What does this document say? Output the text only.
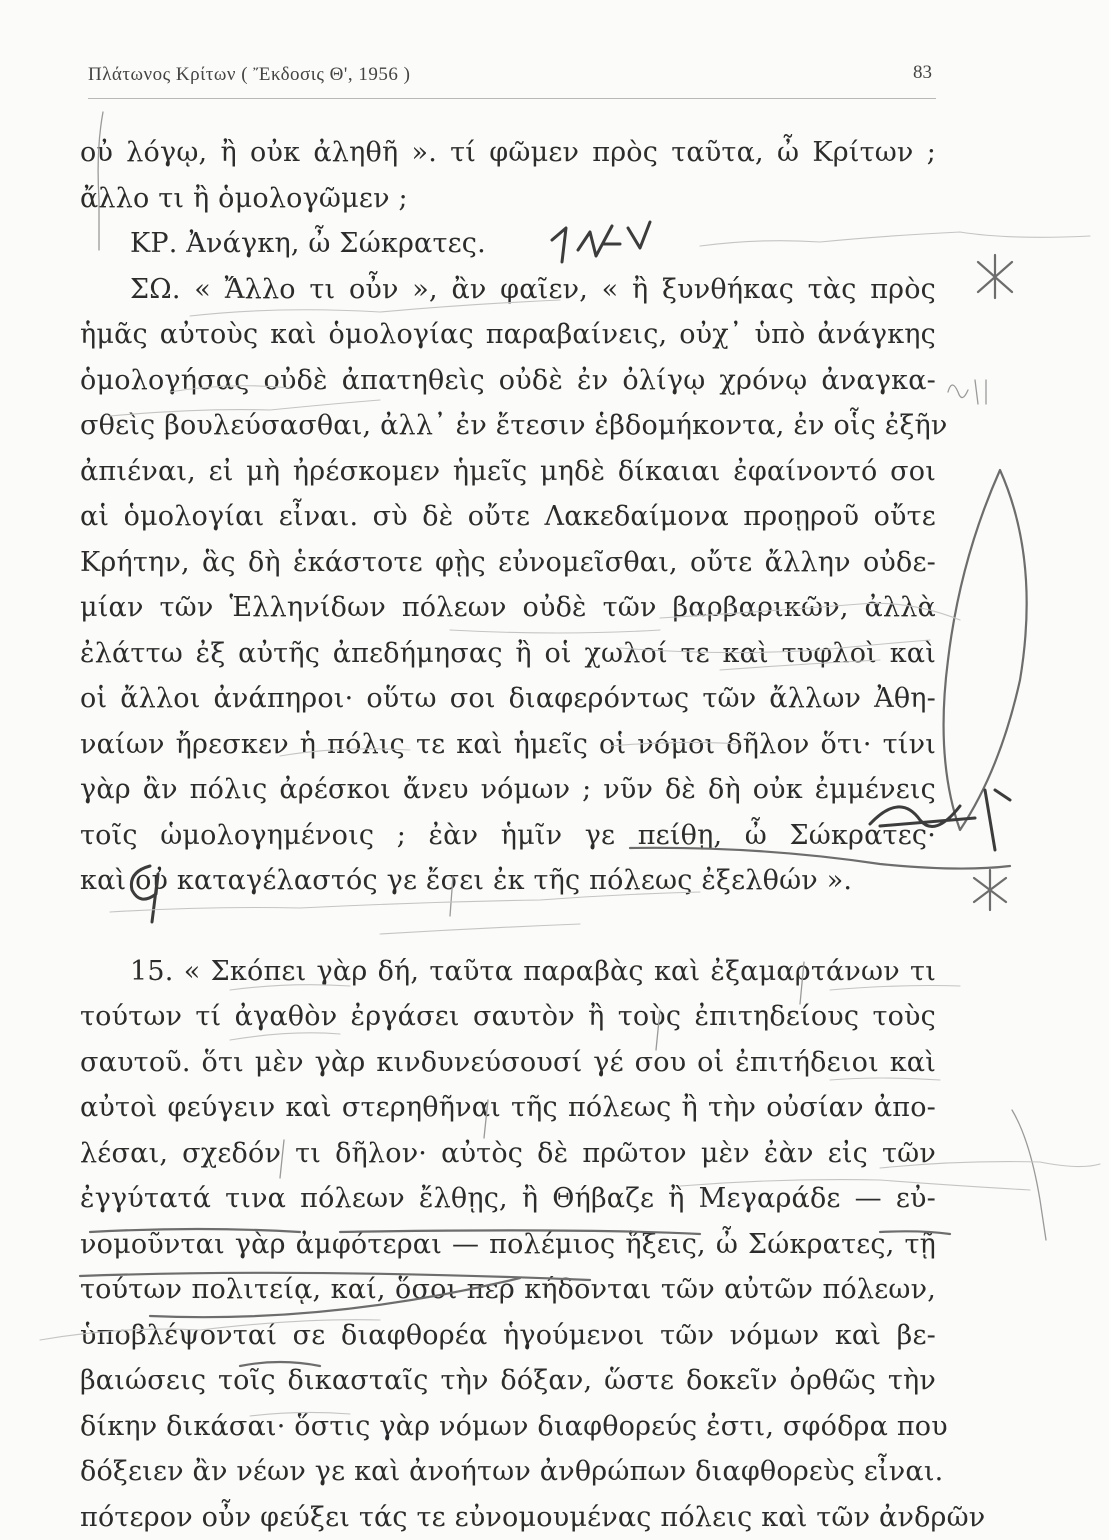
Πλάτωνος Κρίτων ( Ἔκδοσις Θ', 1956 )	83
οὐ λόγῳ, ἢ οὐκ ἀληθῆ ». τί φῶμεν πρὸς ταῦτα, ὦ Κρίτων ;
ἄλλο τι ἢ ὁμολογῶμεν ;
ΚΡ. Ἀνάγκη, ὦ Σώκρατες.
ΣΩ. « Ἄλλο τι οὖν », ἂν φαῖεν, « ἢ ξυνθήκας τὰς πρὸς
ἡμᾶς αὐτοὺς καὶ ὁμολογίας παραβαίνεις, οὐχ᾽ ὑπὸ ἀνάγκης
ὁμολογήσας οὐδὲ ἀπατηθεὶς οὐδὲ ἐν ὀλίγῳ χρόνῳ ἀναγκα-
σθεὶς βουλεύσασθαι, ἀλλ᾽ ἐν ἔτεσιν ἑβδομήκοντα, ἐν οἷς ἐξῆν
ἀπιέναι, εἰ μὴ ἠρέσκομεν ἡμεῖς μηδὲ δίκαιαι ἐφαίνοντό σοι
αἱ ὁμολογίαι εἶναι. σὺ δὲ οὔτε Λακεδαίμονα προῃροῦ οὔτε
Κρήτην, ἃς δὴ ἑκάστοτε φῂς εὐνομεῖσθαι, οὔτε ἄλλην οὐδε-
μίαν τῶν Ἑλληνίδων πόλεων οὐδὲ τῶν βαρβαρικῶν, ἀλλὰ
ἐλάττω ἐξ αὐτῆς ἀπεδήμησας ἢ οἱ χωλοί τε καὶ τυφλοὶ καὶ
οἱ ἄλλοι ἀνάπηροι· οὕτω σοι διαφερόντως τῶν ἄλλων Ἀθη-
ναίων ἤρεσκεν ἡ πόλις τε καὶ ἡμεῖς οἱ νόμοι δῆλον ὅτι· τίνι
γὰρ ἂν πόλις ἀρέσκοι ἄνευ νόμων ; νῦν δὲ δὴ οὐκ ἐμμένεις
τοῖς ὡμολογημένοις ; ἐὰν ἡμῖν γε πείθῃ, ὦ Σώκρατες·
καὶ οὐ καταγέλαστός γε ἔσει ἐκ τῆς πόλεως ἐξελθών ».
15. « Σκόπει γὰρ δή, ταῦτα παραβὰς καὶ ἐξαμαρτάνων τι
τούτων τί ἀγαθὸν ἐργάσει σαυτὸν ἢ τοὺς ἐπιτηδείους τοὺς
σαυτοῦ. ὅτι μὲν γὰρ κινδυνεύσουσί γέ σου οἱ ἐπιτήδειοι καὶ
αὐτοὶ φεύγειν καὶ στερηθῆναι τῆς πόλεως ἢ τὴν οὐσίαν ἀπο-
λέσαι, σχεδόν τι δῆλον· αὐτὸς δὲ πρῶτον μὲν ἐὰν εἰς τῶν
ἐγγύτατά τινα πόλεων ἔλθῃς, ἢ Θήβαζε ἢ Μεγαράδε — εὐ-
νομοῦνται γὰρ ἀμφότεραι — πολέμιος ἥξεις, ὦ Σώκρατες, τῇ
τούτων πολιτείᾳ, καί, ὅσοι περ κήδονται τῶν αὐτῶν πόλεων,
ὑποβλέψονταί σε διαφθορέα ἡγούμενοι τῶν νόμων καὶ βε-
βαιώσεις τοῖς δικασταῖς τὴν δόξαν, ὥστε δοκεῖν ὀρθῶς τὴν
δίκην δικάσαι· ὅστις γὰρ νόμων διαφθορεύς ἐστι, σφόδρα που
δόξειεν ἂν νέων γε καὶ ἀνοήτων ἀνθρώπων διαφθορεὺς εἶναι.
πότερον οὖν φεύξει τάς τε εὐνομουμένας πόλεις καὶ τῶν ἀνδρῶν
